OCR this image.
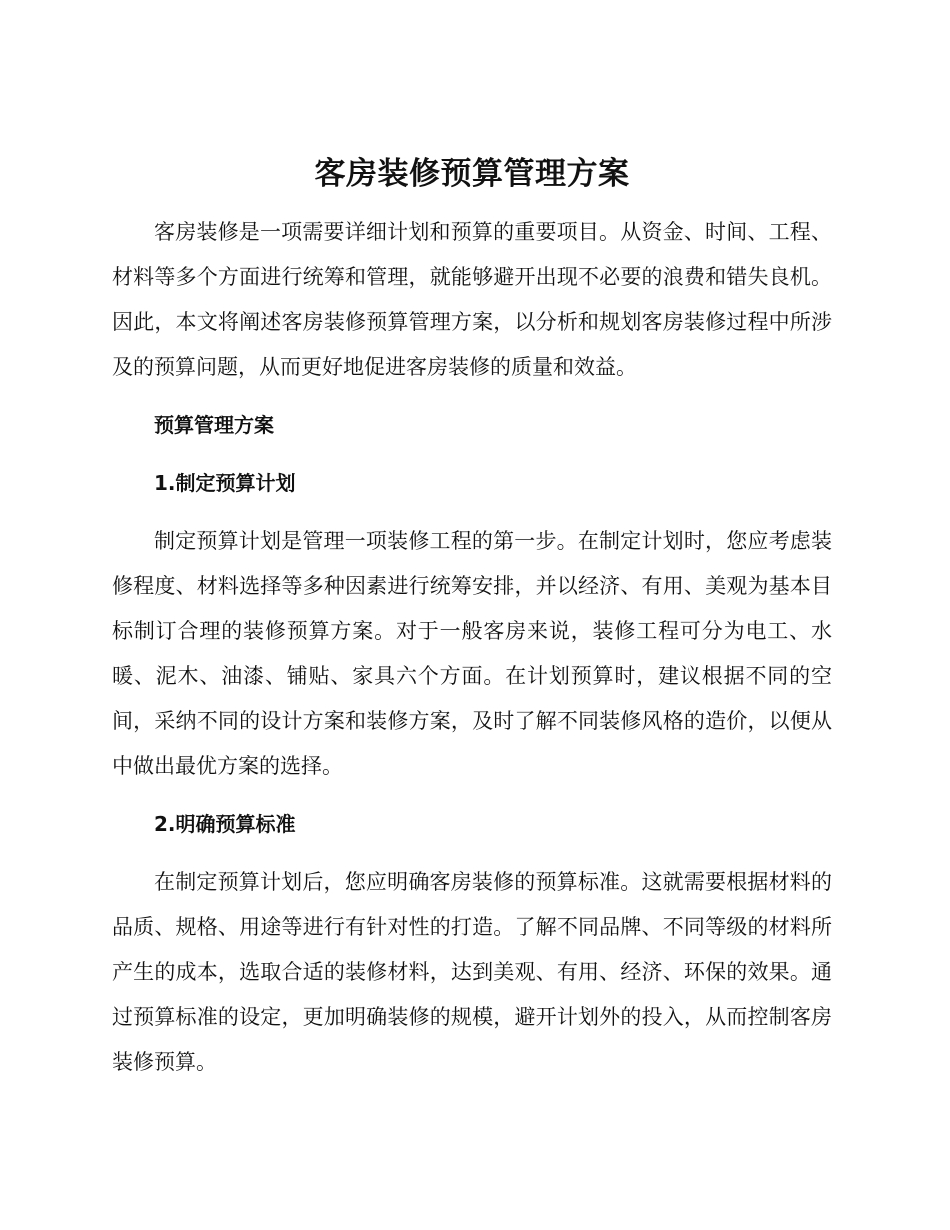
客房装修预算管理方案

客房装修是一项需要详细计划和预算的重要项目。从资金、时间、工程、材料等多个方面进行统筹和管理，就能够避开出现不必要的浪费和错失良机。因此，本文将阐述客房装修预算管理方案，以分析和规划客房装修过程中所涉及的预算问题，从而更好地促进客房装修的质量和效益。

预算管理方案

1.制定预算计划

制定预算计划是管理一项装修工程的第一步。在制定计划时，您应考虑装修程度、材料选择等多种因素进行统筹安排，并以经济、有用、美观为基本目标制订合理的装修预算方案。对于一般客房来说，装修工程可分为电工、水暖、泥木、油漆、铺贴、家具六个方面。在计划预算时，建议根据不同的空间，采纳不同的设计方案和装修方案，及时了解不同装修风格的造价，以便从中做出最优方案的选择。

2.明确预算标准

在制定预算计划后，您应明确客房装修的预算标准。这就需要根据材料的品质、规格、用途等进行有针对性的打造。了解不同品牌、不同等级的材料所产生的成本，选取合适的装修材料，达到美观、有用、经济、环保的效果。通过预算标准的设定，更加明确装修的规模，避开计划外的投入，从而控制客房装修预算。
